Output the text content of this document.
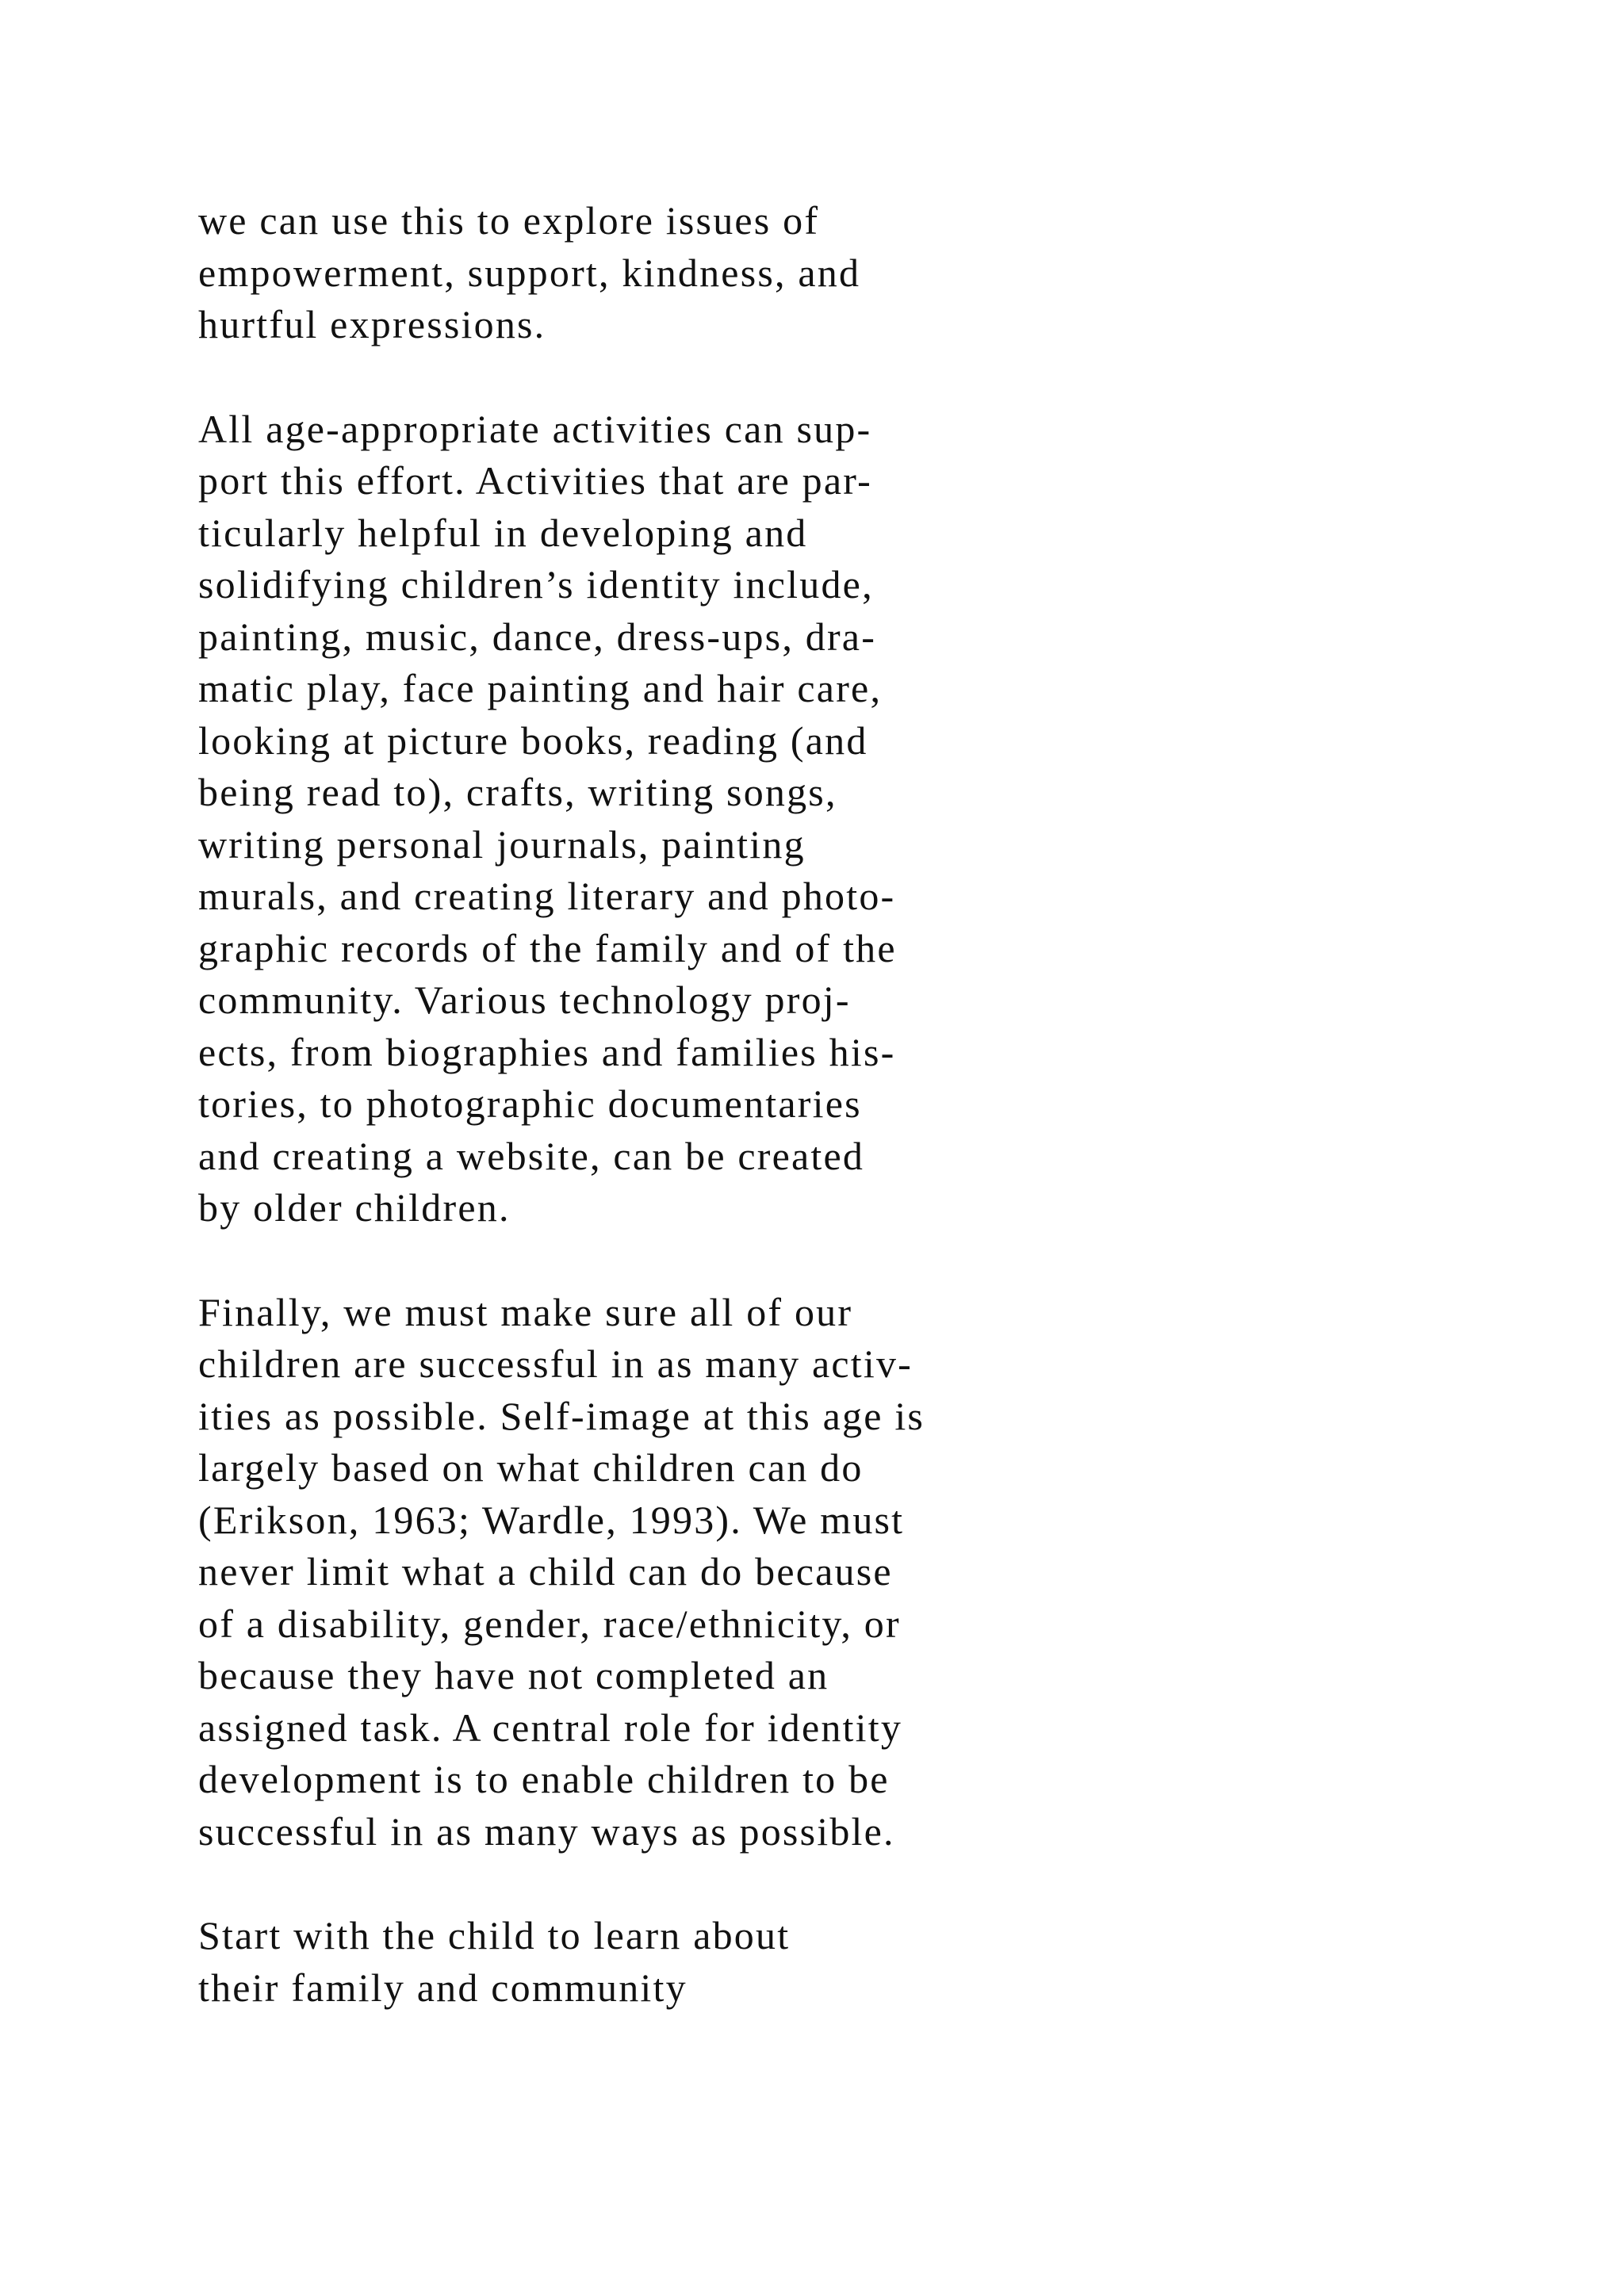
we can use this to explore issues of
empowerment, support, kindness, and
hurtful expressions.

All age-appropriate activities can sup-
port this effort. Activities that are par-
ticularly helpful in developing and
solidifying children’s identity include,
painting, music, dance, dress-ups, dra-
matic play, face painting and hair care,
looking at picture books, reading (and
being read to), crafts, writing songs,
writing personal journals, painting
murals, and creating literary and photo-
graphic records of the family and of the
community. Various technology proj-
ects, from biographies and families his-
tories, to photographic documentaries
and creating a website, can be created
by older children.

Finally, we must make sure all of our
children are successful in as many activ-
ities as possible. Self-image at this age is
largely based on what children can do
(Erikson, 1963; Wardle, 1993). We must
never limit what a child can do because
of a disability, gender, race/ethnicity, or
because they have not completed an
assigned task. A central role for identity
development is to enable children to be
successful in as many ways as possible.

Start with the child to learn about
their family and community
